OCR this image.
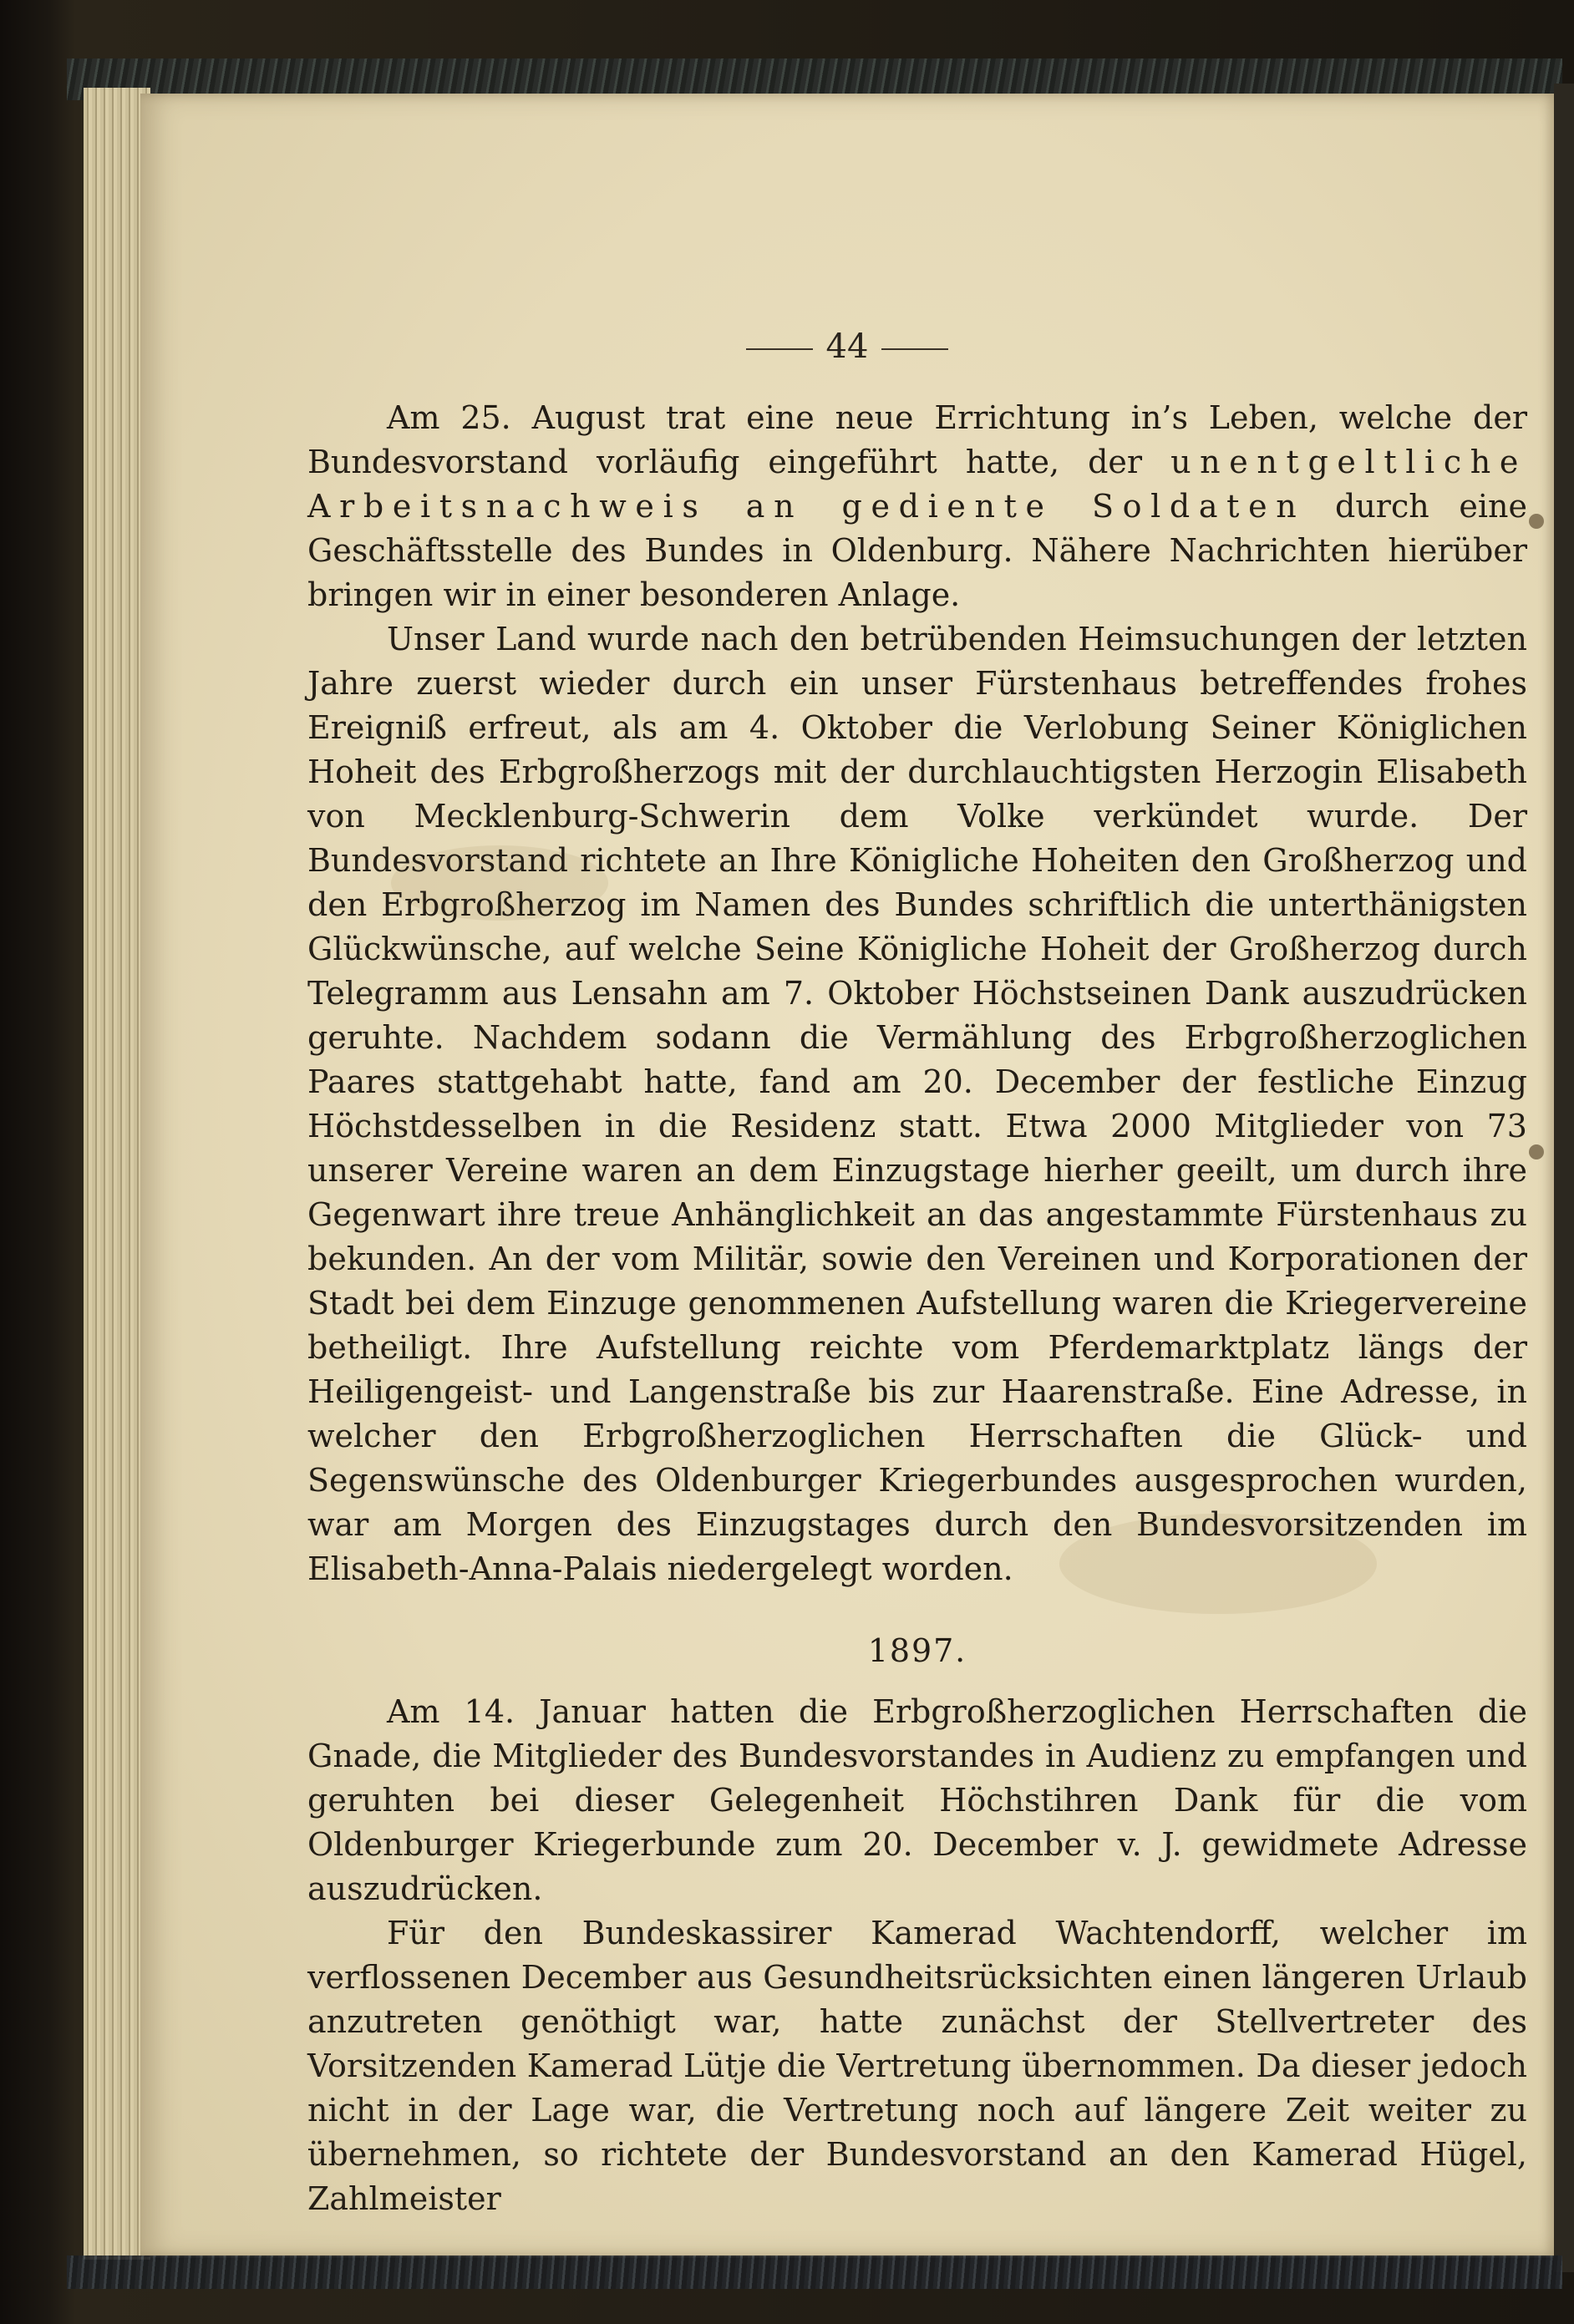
44

Am 25. August trat eine neue Errichtung in’s Leben, welche der Bundesvorstand vorläufig eingeführt hatte, der unentgeltliche Arbeitsnachweis an gediente Soldaten durch eine Geschäftsstelle des Bundes in Oldenburg. Nähere Nachrichten hierüber bringen wir in einer besonderen Anlage.

Unser Land wurde nach den betrübenden Heimsuchungen der letzten Jahre zuerst wieder durch ein unser Fürstenhaus betreffendes frohes Ereigniß erfreut, als am 4. Oktober die Verlobung Seiner Königlichen Hoheit des Erbgroßherzogs mit der durchlauchtigsten Herzogin Elisabeth von Mecklenburg-Schwerin dem Volke verkündet wurde. Der Bundesvorstand richtete an Ihre Königliche Hoheiten den Großherzog und den Erbgroßherzog im Namen des Bundes schriftlich die unterthänigsten Glückwünsche, auf welche Seine Königliche Hoheit der Großherzog durch Telegramm aus Lensahn am 7. Oktober Höchstseinen Dank auszudrücken geruhte. Nachdem sodann die Vermählung des Erbgroßherzoglichen Paares stattgehabt hatte, fand am 20. December der festliche Einzug Höchstdesselben in die Residenz statt. Etwa 2000 Mitglieder von 73 unserer Vereine waren an dem Einzugstage hierher geeilt, um durch ihre Gegenwart ihre treue Anhänglichkeit an das angestammte Fürstenhaus zu bekunden. An der vom Militär, sowie den Vereinen und Korporationen der Stadt bei dem Einzuge genommenen Aufstellung waren die Kriegervereine betheiligt. Ihre Aufstellung reichte vom Pferdemarktplatz längs der Heiligengeist- und Langenstraße bis zur Haarenstraße. Eine Adresse, in welcher den Erbgroßherzoglichen Herrschaften die Glück- und Segenswünsche des Oldenburger Kriegerbundes ausgesprochen wurden, war am Morgen des Einzugstages durch den Bundesvorsitzenden im Elisabeth-Anna-Palais niedergelegt worden.

1897.

Am 14. Januar hatten die Erbgroßherzoglichen Herrschaften die Gnade, die Mitglieder des Bundesvorstandes in Audienz zu empfangen und geruhten bei dieser Gelegenheit Höchstihren Dank für die vom Oldenburger Kriegerbunde zum 20. December v. J. gewidmete Adresse auszudrücken.

Für den Bundeskassirer Kamerad Wachtendorff, welcher im verflossenen December aus Gesundheitsrücksichten einen längeren Urlaub anzutreten genöthigt war, hatte zunächst der Stellvertreter des Vorsitzenden Kamerad Lütje die Vertretung übernommen. Da dieser jedoch nicht in der Lage war, die Vertretung noch auf längere Zeit weiter zu übernehmen, so richtete der Bundesvorstand an den Kamerad Hügel, Zahlmeister
